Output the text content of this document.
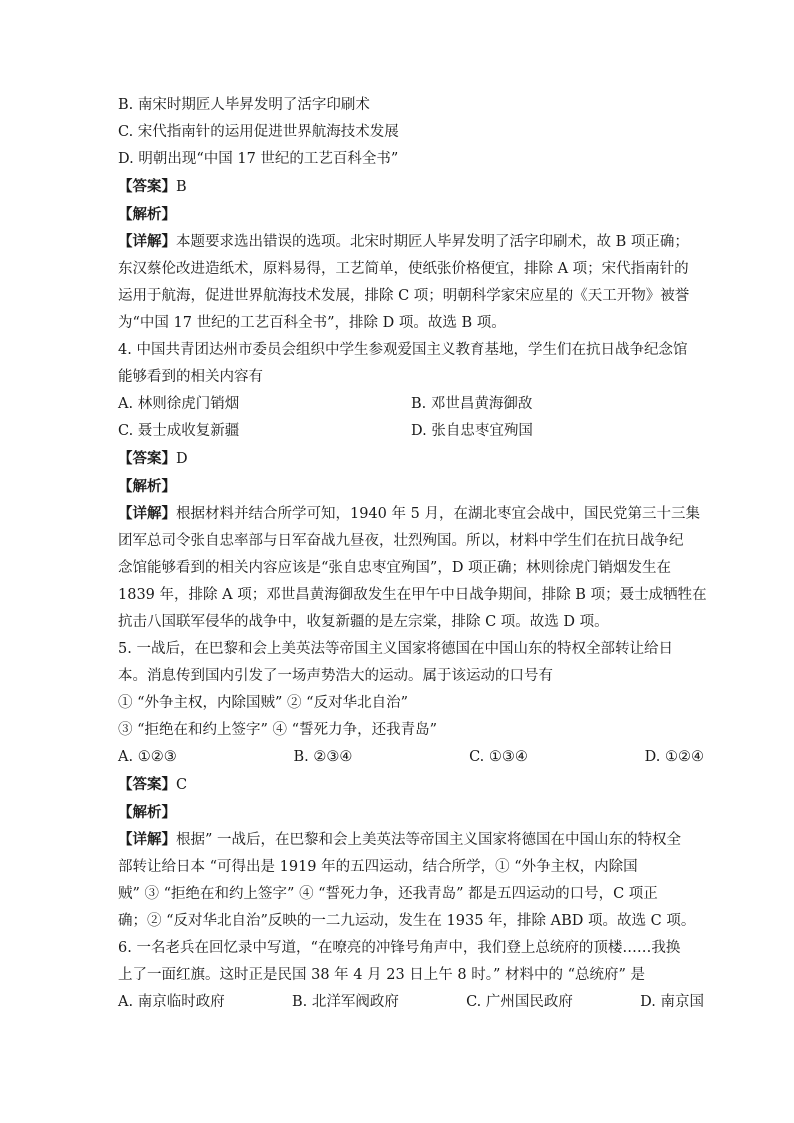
B. 南宋时期匠人毕昇发明了活字印刷术
C. 宋代指南针的运用促进世界航海技术发展
D. 明朝出现“中国 17 世纪的工艺百科全书”
【答案】B
【解析】
【详解】本题要求选出错误的选项。北宋时期匠人毕昇发明了活字印刷术，故 B 项正确；
东汉蔡伦改进造纸术，原料易得，工艺简单，使纸张价格便宜，排除 A 项；宋代指南针的
运用于航海，促进世界航海技术发展，排除 C 项；明朝科学家宋应星的《天工开物》被誉
为“中国 17 世纪的工艺百科全书”，排除 D 项。故选 B 项。
4. 中国共青团达州市委员会组织中学生参观爱国主义教育基地，学生们在抗日战争纪念馆
能够看到的相关内容有
A. 林则徐虎门销烟	B. 邓世昌黄海御敌
C. 聂士成收复新疆	D. 张自忠枣宜殉国
【答案】D
【解析】
【详解】根据材料并结合所学可知，1940 年 5 月，在湖北枣宜会战中，国民党第三十三集
团军总司令张自忠率部与日军奋战九昼夜，壮烈殉国。所以，材料中学生们在抗日战争纪
念馆能够看到的相关内容应该是“张自忠枣宜殉国”，D 项正确；林则徐虎门销烟发生在
1839 年，排除 A 项；邓世昌黄海御敌发生在甲午中日战争期间，排除 B 项；聂士成牺牲在
抗击八国联军侵华的战争中，收复新疆的是左宗棠，排除 C 项。故选 D 项。
5. 一战后，在巴黎和会上美英法等帝国主义国家将德国在中国山东的特权全部转让给日
本。消息传到国内引发了一场声势浩大的运动。属于该运动的口号有
① “外争主权，内除国贼” ② “反对华北自治”
③ “拒绝在和约上签字” ④ “誓死力争，还我青岛”
A. ①②③	B. ②③④	C. ①③④	D. ①②④
【答案】C
【解析】
【详解】根据” 一战后，在巴黎和会上美英法等帝国主义国家将德国在中国山东的特权全
部转让给日本 “可得出是 1919 年的五四运动，结合所学，① “外争主权，内除国
贼” ③ “拒绝在和约上签字” ④ “誓死力争，还我青岛” 都是五四运动的口号，C 项正
确；② “反对华北自治”反映的一二九运动，发生在 1935 年，排除 ABD 项。故选 C 项。
6. 一名老兵在回忆录中写道，“在嘹亮的冲锋号角声中，我们登上总统府的顶楼……我换
上了一面红旗。这时正是民国 38 年 4 月 23 日上午 8 时。” 材料中的 “总统府” 是
A. 南京临时政府	B. 北洋军阀政府	C. 广州国民政府	D. 南京国
